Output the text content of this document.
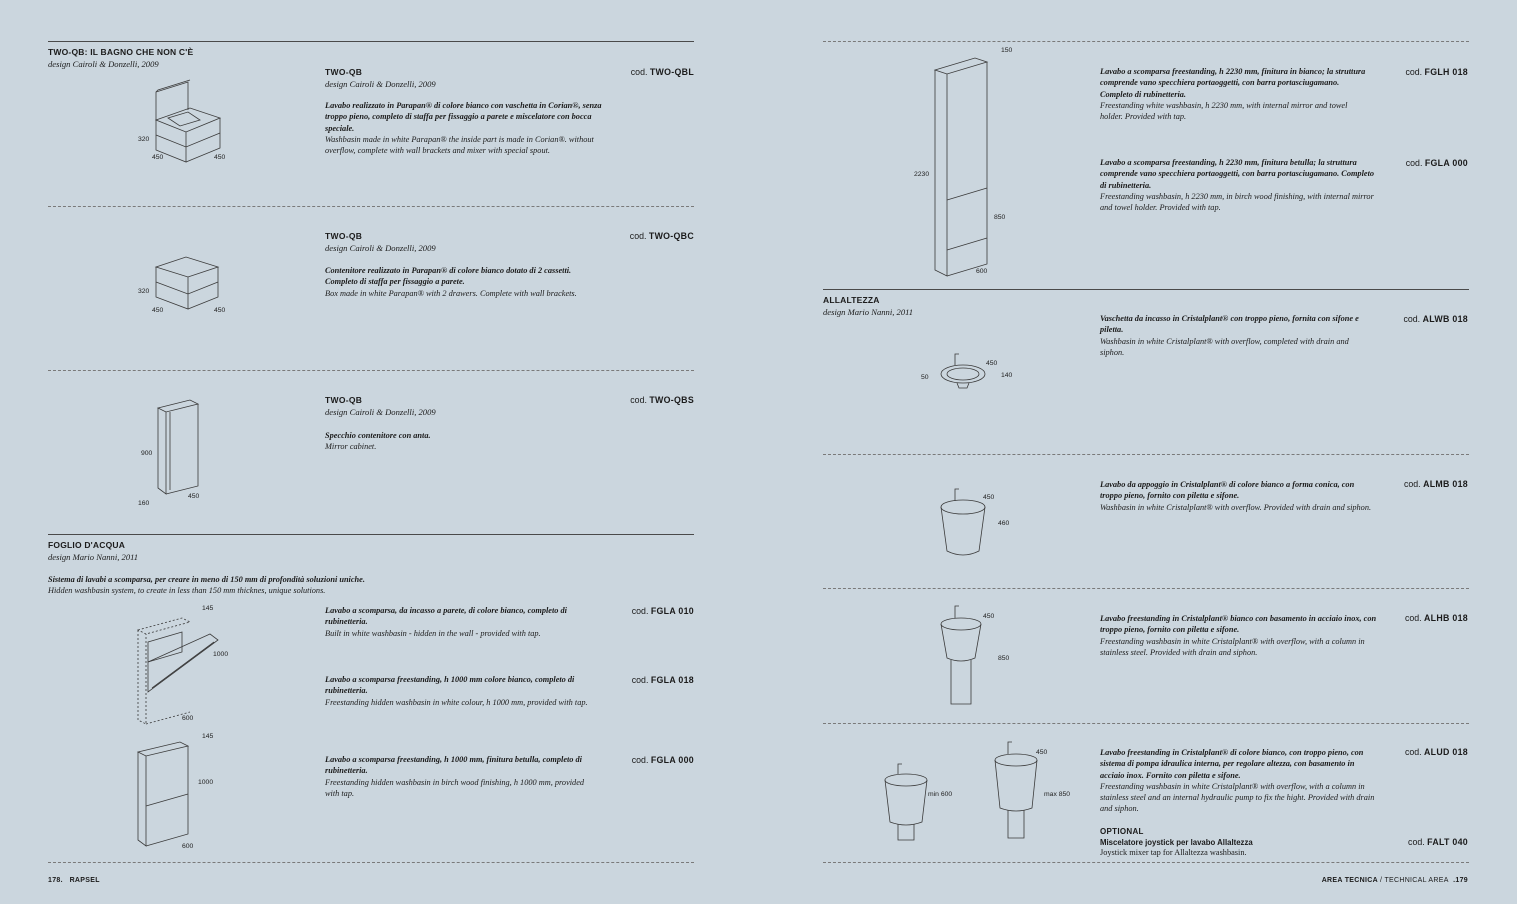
TWO-QB: IL BAGNO CHE NON C'È
design Cairoli & Donzelli, 2009
320
450	450
TWO-QB
design Cairoli & Donzelli, 2009
Lavabo realizzato in Parapan® di colore bianco con vaschetta in Corian®, senza troppo pieno, completo di staffa per fissaggio a parete e miscelatore con bocca speciale.
Washbasin made in white Parapan® the inside part is made in Corian®. without overflow, complete with wall brackets and mixer with special spout.
cod. TWO-QBL
320
450	450
TWO-QB
design Cairoli & Donzelli, 2009
Contenitore realizzato in Parapan® di colore bianco dotato di 2 cassetti. Completo di staffa per fissaggio a parete.
Box made in white Parapan® with 2 drawers. Complete with wall brackets.
cod. TWO-QBC
900
160
450
TWO-QB
design Cairoli & Donzelli, 2009
Specchio contenitore con anta.
Mirror cabinet.
cod. TWO-QBS
FOGLIO D'ACQUA
design Mario Nanni, 2011
Sistema di lavabi a scomparsa, per creare in meno di 150 mm di profondità soluzioni uniche.
Hidden washbasin system, to create in less than 150 mm thicknes, unique solutions.
145
1000
600
145
1000
600
Lavabo a scomparsa, da incasso a parete, di colore bianco, completo di rubinetteria.
Built in white washbasin - hidden in the wall - provided with tap.
cod. FGLA 010
Lavabo a scomparsa freestanding, h 1000 mm colore bianco, completo di rubinetteria.
Freestanding hidden washbasin in white colour, h 1000 mm, provided with tap.
cod. FGLA 018
Lavabo a scomparsa freestanding, h 1000 mm, finitura betulla, completo di rubinetteria.
Freestanding hidden washbasin in birch wood finishing, h 1000 mm, provided with tap.
cod. FGLA 000
178. RAPSEL
150
2230
850
600
Lavabo a scomparsa freestanding, h 2230 mm, finitura in bianco; la struttura comprende vano specchiera portaoggetti, con barra portasciugamano. Completo di rubinetteria.
Freestanding white washbasin, h 2230 mm, with internal mirror and towel holder. Provided with tap.
cod. FGLH 018
Lavabo a scomparsa freestanding, h 2230 mm, finitura betulla; la struttura comprende vano specchiera portaoggetti, con barra portasciugamano. Completo di rubinetteria.
Freestanding washbasin, h 2230 mm, in birch wood finishing, with internal mirror and towel holder. Provided with tap.
cod. FGLA 000
ALLALTEZZA
design Mario Nanni, 2011
450
50	140
Vaschetta da incasso in Cristalplant® con troppo pieno, fornita con sifone e piletta.
Washbasin in white Cristalplant® with overflow, completed with drain and siphon.
cod. ALWB 018
450
460
Lavabo da appoggio in Cristalplant® di colore bianco a forma conica, con troppo pieno, fornito con piletta e sifone.
Washbasin in white Cristalplant® with overflow. Provided with drain and siphon.
cod. ALMB 018
450
850
Lavabo freestanding in Cristalplant® bianco con basamento in acciaio inox, con troppo pieno, fornito con piletta e sifone.
Freestanding washbasin in white Cristalplant® with overflow, with a column in stainless steel. Provided with drain and siphon.
cod. ALHB 018
450
min 600	max 850
Lavabo freestanding in Cristalplant® di colore bianco, con troppo pieno, con sistema di pompa idraulica interna, per regolare altezza, con basamento in acciaio inox. Fornito con piletta e sifone.
Freestanding washbasin in white Cristalplant® with overflow, with a column in stainless steel and an internal hydraulic pump to fix the hight. Provided with drain and siphon.
cod. ALUD 018
OPTIONAL
Miscelatore joystick per lavabo Allaltezza
Joystick mixer tap for Allaltezza washbasin.
cod. FALT 040
AREA TECNICA / TECHNICAL AREA .179
